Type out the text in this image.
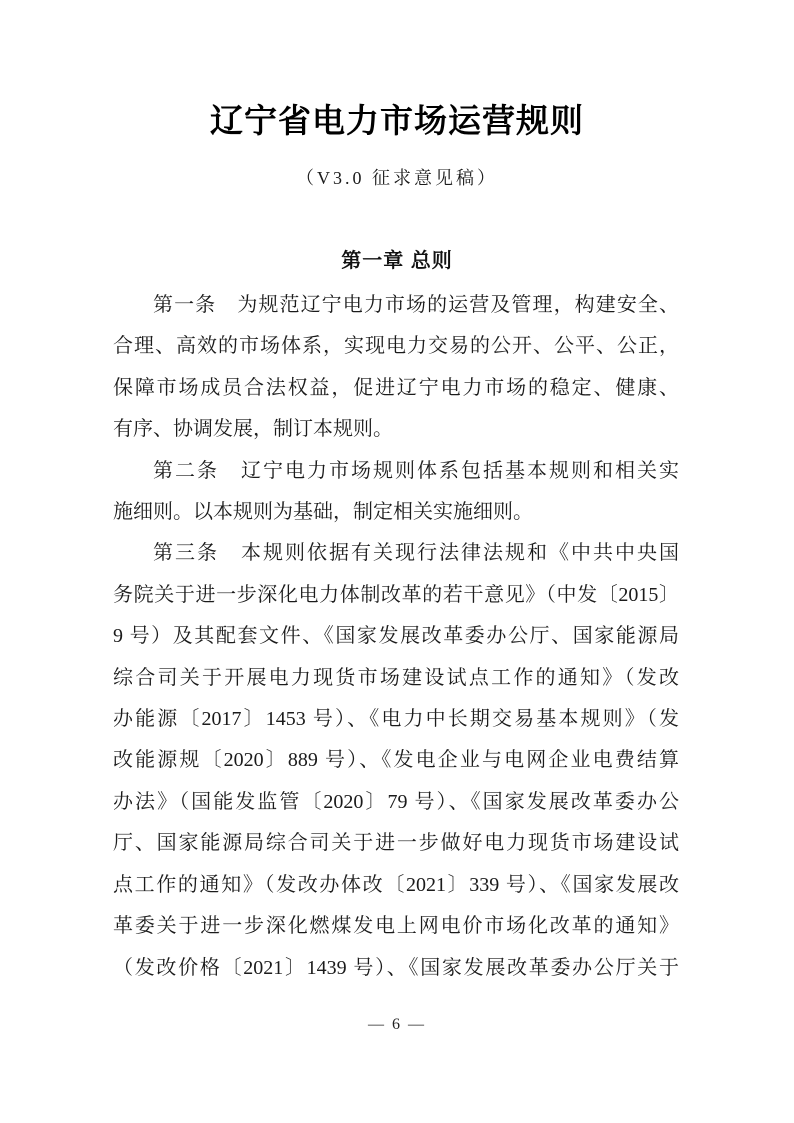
辽宁省电力市场运营规则
（V3.0 征求意见稿）
第一章 总则
第一条　为规范辽宁电力市场的运营及管理，构建安全、
合理、高效的市场体系，实现电力交易的公开、公平、公正，
保障市场成员合法权益，促进辽宁电力市场的稳定、健康、
有序、协调发展，制订本规则。
第二条　辽宁电力市场规则体系包括基本规则和相关实
施细则。以本规则为基础，制定相关实施细则。
第三条　本规则依据有关现行法律法规和《中共中央国
务院关于进一步深化电力体制改革的若干意见》（中发〔2015〕
9 号）及其配套文件、《国家发展改革委办公厅、国家能源局
综合司关于开展电力现货市场建设试点工作的通知》（发改
办能源〔2017〕1453 号）、《电力中长期交易基本规则》（发
改能源规〔2020〕889 号）、《发电企业与电网企业电费结算
办法》（国能发监管〔2020〕79 号）、《国家发展改革委办公
厅、国家能源局综合司关于进一步做好电力现货市场建设试
点工作的通知》（发改办体改〔2021〕339 号）、《国家发展改
革委关于进一步深化燃煤发电上网电价市场化改革的通知》
（发改价格〔2021〕1439 号）、《国家发展改革委办公厅关于
— 6 —
